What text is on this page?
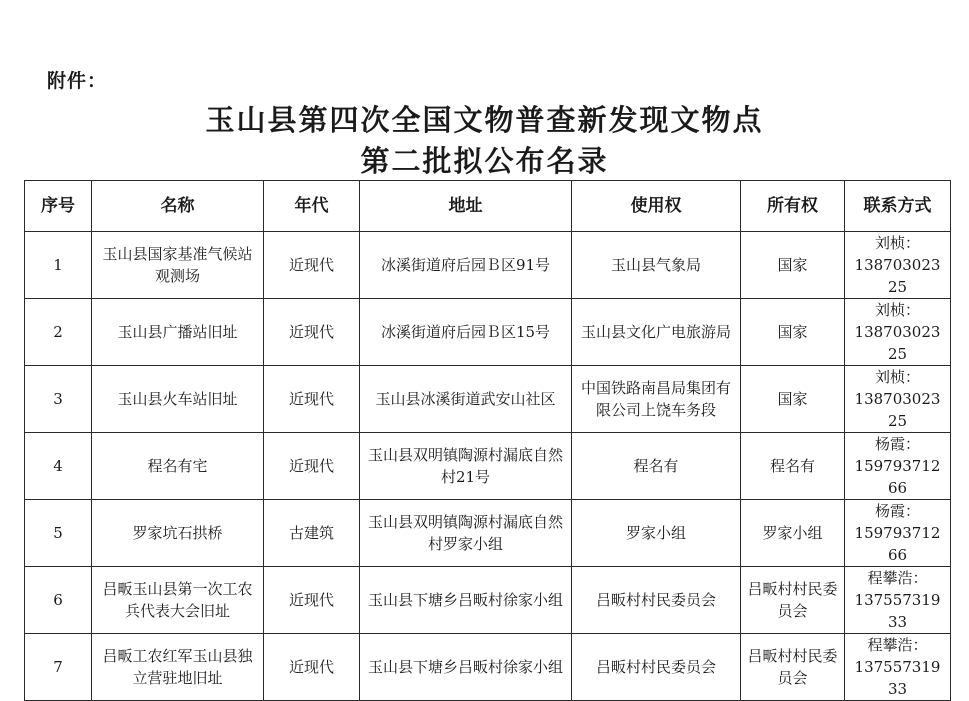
附件：
玉山县第四次全国文物普查新发现文物点
第二批拟公布名录
序号	名称	年代	地址	使用权	所有权	联系方式
1	玉山县国家基准气候站观测场	近现代	冰溪街道府后园Ｂ区91号	玉山县气象局	国家	刘桢：
13870302325
2	玉山县广播站旧址	近现代	冰溪街道府后园Ｂ区15号	玉山县文化广电旅游局	国家	刘桢：
13870302325
3	玉山县火车站旧址	近现代	玉山县冰溪街道武安山社区	中国铁路南昌局集团有限公司上饶车务段	国家	刘桢：
13870302325
4	程名有宅	近现代	玉山县双明镇陶源村漏底自然村21号	程名有	程名有	杨霞：
15979371266
5	罗家坑石拱桥	古建筑	玉山县双明镇陶源村漏底自然村罗家小组	罗家小组	罗家小组	杨霞：
15979371266
6	吕畈玉山县第一次工农兵代表大会旧址	近现代	玉山县下塘乡吕畈村徐家小组	吕畈村村民委员会	吕畈村村民委员会	程攀浩：
13755731933
7	吕畈工农红军玉山县独立营驻地旧址	近现代	玉山县下塘乡吕畈村徐家小组	吕畈村村民委员会	吕畈村村民委员会	程攀浩：
13755731933
